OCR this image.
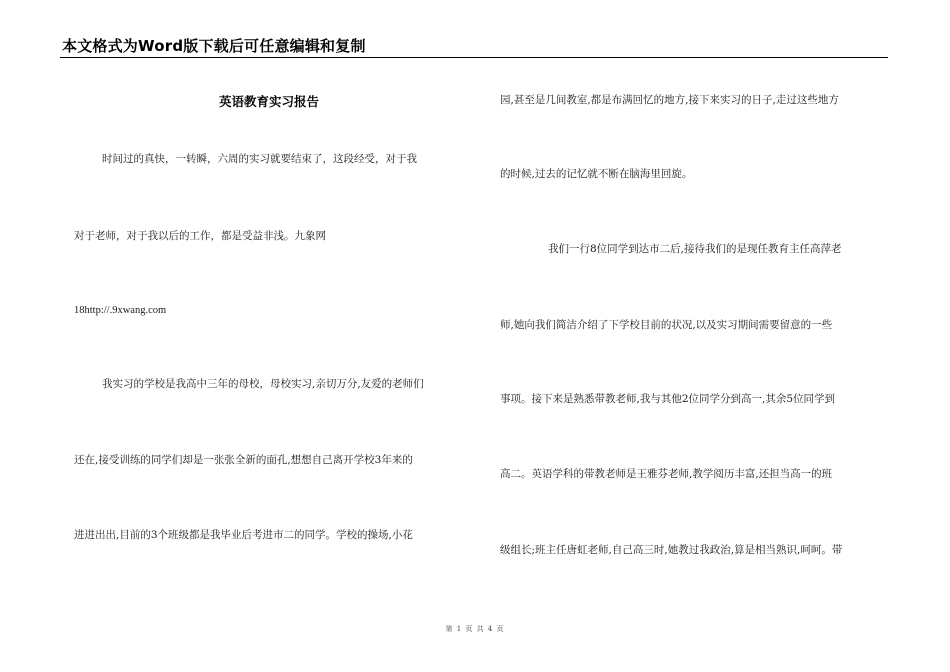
本文格式为Word版下载后可任意编辑和复制
英语教育实习报告
时间过的真快，一转瞬，六周的实习就要结束了，这段经受，对于我
对于老师，对于我以后的工作，都是受益非浅。九象网
18http://.9xwang.com
我实习的学校是我高中三年的母校，母校实习,亲切万分,友爱的老师们
还在,接受训练的同学们却是一张张全新的面孔,想想自己离开学校3年来的
进进出出,目前的3个班级都是我毕业后考进市二的同学。学校的操场,小花
园,甚至是几间教室,都是布满回忆的地方,接下来实习的日子,走过这些地方
的时候,过去的记忆就不断在脑海里回旋。
我们一行8位同学到达市二后,接待我们的是现任教育主任高萍老
师,她向我们简洁介绍了下学校目前的状况,以及实习期间需要留意的一些
事项。接下来是熟悉带教老师,我与其他2位同学分到高一,其余5位同学到
高二。英语学科的带教老师是王雅芬老师,教学阅历丰富,还担当高一的班
级组长;班主任唐虹老师,自己高三时,她教过我政治,算是相当熟识,呵呵。带
第 1 页 共 4 页
